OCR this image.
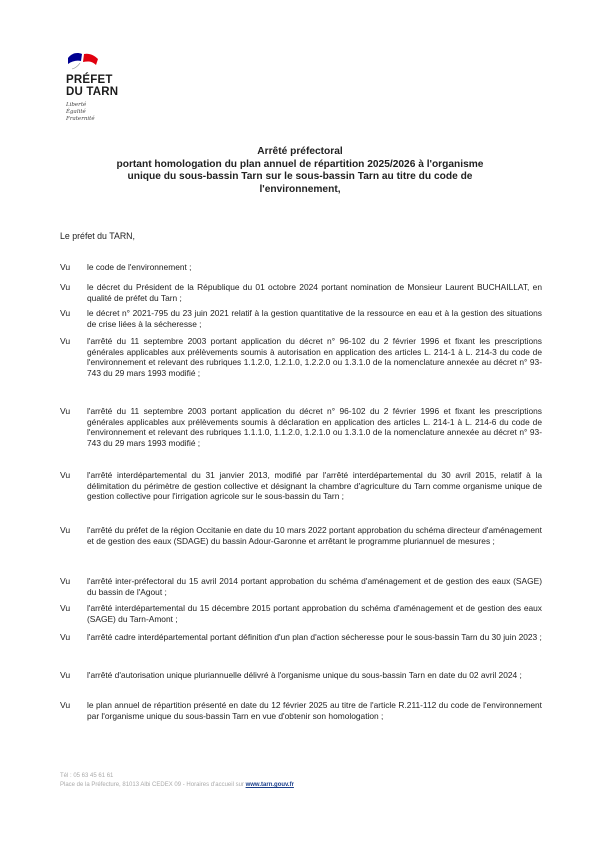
PRÉFET
DU TARN
Liberté
Égalité
Fraternité
Arrêté préfectoral
portant homologation du plan annuel de répartition 2025/2026 à l'organisme
unique du sous-bassin Tarn sur le sous-bassin Tarn au titre du code de
l'environnement,
Le préfet du TARN,
Vu le code de l'environnement ;
Vu le décret du Président de la République du 01 octobre 2024 portant nomination de Monsieur Laurent BUCHAILLAT, en qualité de préfet du Tarn ;
Vu le décret n° 2021-795 du 23 juin 2021 relatif à la gestion quantitative de la ressource en eau et à la gestion des situations de crise liées à la sécheresse ;
Vu l'arrêté du 11 septembre 2003 portant application du décret n° 96-102 du 2 février 1996 et fixant les prescriptions générales applicables aux prélèvements soumis à autorisation en application des articles L. 214-1 à L. 214-3 du code de l'environnement et relevant des rubriques 1.1.2.0, 1.2.1.0, 1.2.2.0 ou 1.3.1.0 de la nomenclature annexée au décret n° 93-743 du 29 mars 1993 modifié ;
Vu l'arrêté du 11 septembre 2003 portant application du décret n° 96-102 du 2 février 1996 et fixant les prescriptions générales applicables aux prélèvements soumis à déclaration en application des articles L. 214-1 à L. 214-6 du code de l'environnement et relevant des rubriques 1.1.1.0, 1.1.2.0, 1.2.1.0 ou 1.3.1.0 de la nomenclature annexée au décret n° 93-743 du 29 mars 1993 modifié ;
Vu l'arrêté interdépartemental du 31 janvier 2013, modifié par l'arrêté interdépartemental du 30 avril 2015, relatif à la délimitation du périmètre de gestion collective et désignant la chambre d'agriculture du Tarn comme organisme unique de gestion collective pour l'irrigation agricole sur le sous-bassin du Tarn ;
Vu l'arrêté du préfet de la région Occitanie en date du 10 mars 2022 portant approbation du schéma directeur d'aménagement et de gestion des eaux (SDAGE) du bassin Adour-Garonne et arrêtant le programme pluriannuel de mesures ;
Vu l'arrêté inter-préfectoral du 15 avril 2014 portant approbation du schéma d'aménagement et de gestion des eaux (SAGE) du bassin de l'Agout ;
Vu l'arrêté interdépartemental du 15 décembre 2015 portant approbation du schéma d'aménagement et de gestion des eaux (SAGE) du Tarn-Amont ;
Vu l'arrêté cadre interdépartemental portant définition d'un plan d'action sécheresse pour le sous-bassin Tarn du 30 juin 2023 ;
Vu l'arrêté d'autorisation unique pluriannuelle délivré à l'organisme unique du sous-bassin Tarn en date du 02 avril 2024 ;
Vu le plan annuel de répartition présenté en date du 12 février 2025 au titre de l'article R.211-112 du code de l'environnement par l'organisme unique du sous-bassin Tarn en vue d'obtenir son homologation ;
Tél : 05 63 45 61 61
Place de la Préfecture, 81013 Albi CEDEX 09 - Horaires d'accueil sur www.tarn.gouv.fr
